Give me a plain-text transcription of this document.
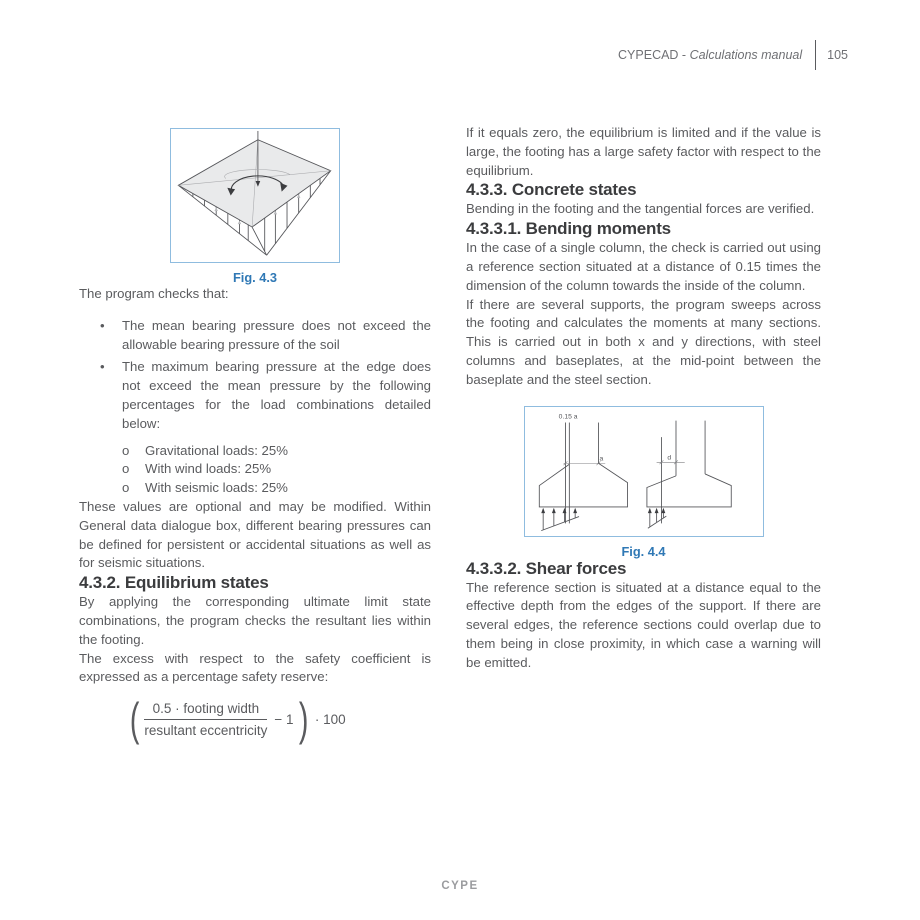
CYPECAD - Calculations manual 105
Fig. 4.3

The program checks that:

•	The mean bearing pressure does not exceed the allowable bearing pressure of the soil
•	The maximum bearing pressure at the edge does not exceed the mean pressure by the following percentages for the load combinations detailed below:
o	Gravitational loads: 25%
o	With wind loads: 25%
o	With seismic loads: 25%

These values are optional and may be modified. Within General data dialogue box, different bearing pressures can be defined for persistent or accidental situations as well as for seismic situations.

4.3.2. Equilibrium states

By applying the corresponding ultimate limit state combinations, the program checks the resultant lies within the footing.

The excess with respect to the safety coefficient is expressed as a percentage safety reserve:

( $\frac{\text{0.5 · footing width}}{\text{resultant eccentricity}} - 1$ ) · 100

If it equals zero, the equilibrium is limited and if the value is large, the footing has a large safety factor with respect to the equilibrium.

4.3.3. Concrete states

Bending in the footing and the tangential forces are verified.

4.3.3.1. Bending moments

In the case of a single column, the check is carried out using a reference section situated at a distance of 0.15 times the dimension of the column towards the inside of the column.

If there are several supports, the program sweeps across the footing and calculates the moments at many sections. This is carried out in both x and y directions, with steel columns and baseplates, at the mid-point between the baseplate and the steel section.

0.15 a
a	d
Fig. 4.4
4.3.3.2. Shear forces

The reference section is situated at a distance equal to the effective depth from the edges of the support. If there are several edges, the reference sections could overlap due to them being in close proximity, in which case a warning will be emitted.

CYPE
